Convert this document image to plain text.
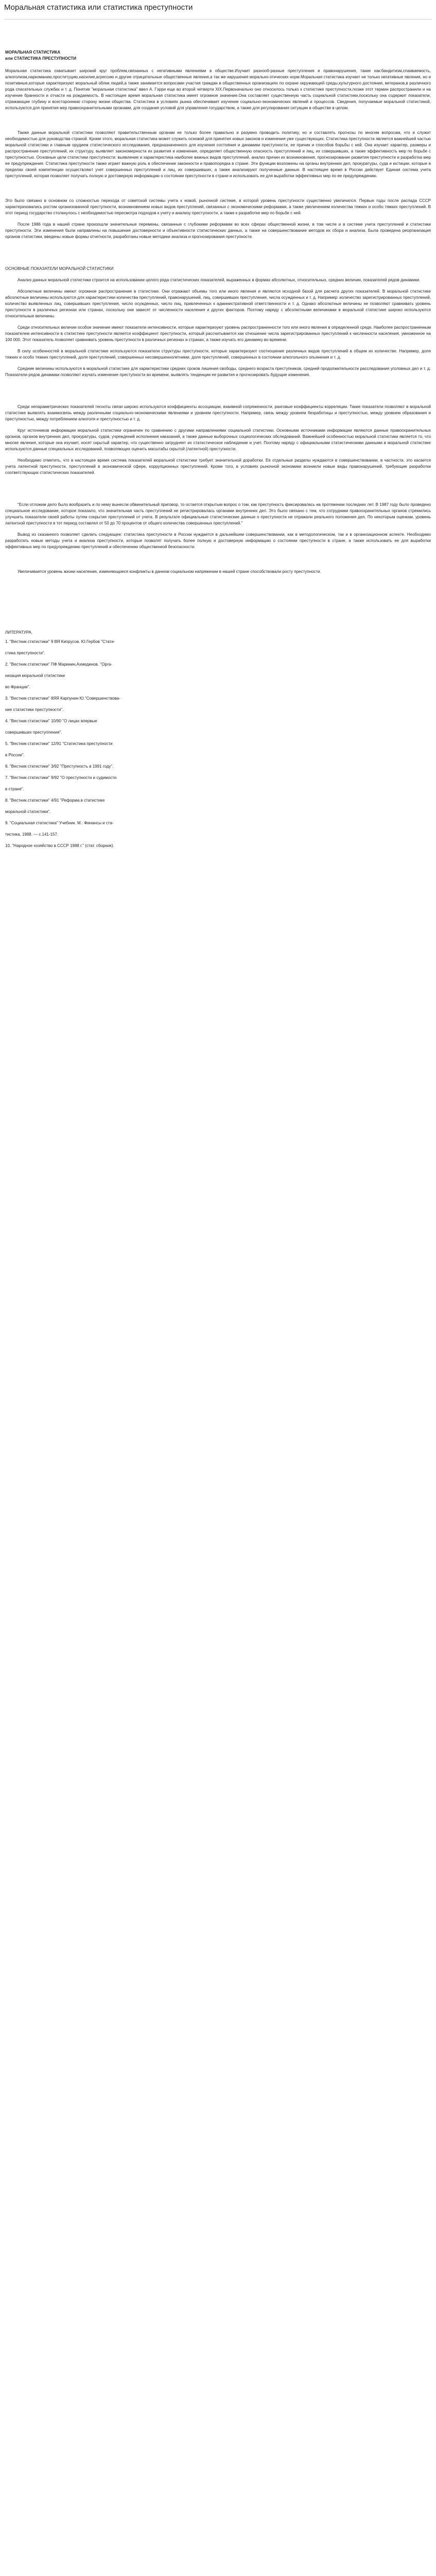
Моральная статистика или статистика преступности
МОРАЛЬНАЯ СТАТИСТИКА
или СТАТИСТИКА ПРЕСТУПНОСТИ

Моральная статистика охватывает широкий круг проблем,связанных с негативными явлениями в обществе.Изучает разнооб-разные преступления и правонарушения, такие как:бандитизм,спаиваемость, алкоголизм,наркоманию,проституцию,насилие,агрессию и другие отрицательные общественные явления,а так же нарушения морально-этических норм.Моральная статистика изучает не только негативные явления, но и позитивные,которые характеризуют моральный облик людей,а также занимается вопросами участия граждан в общественных организациях по охране окружающей среды,культурного достояния, ветеранов,в различного рода спасательных службах и т. д. Понятие "моральная статистика" ввел А. Гэрри еще во второй четверти XIX.Первоначально оно относилось только к статистике преступности,позже этот термин распространили и на изучение бранности и отчасти на рождаемость. В настоящее время моральная статистика имеет огромное значение.Она составляет существенную часть социальной статистики,поскольку она содержит показатели, отражающие глубину и всестороннюю сторону жизни общества. Статистика в условиях рынка обеспечивает изучение социально-экономических явлений и процессов. Сведения, получаемые моральной статистикой, используются для принятия мер правоохранительными органами, для создания условий для управления государством, а также для регулирования ситуации в обществе в целом.

Также данные моральной статистики позволяют правительственным органам не только более правильно и разумно проводить политику, но и составлять прогнозы по многим вопросам, что и служит необходимостью для руководства страной. Кроме этого, моральная статистика может служить основой для принятия новых законов и изменения уже существующих. Статистика преступности является важнейшей частью моральной статистики и главным орудием статистического исследования, предназначенного для изучения состояния и динамики преступности, ее причин и способов борьбы с ней. Она изучает характер, размеры и распространение преступлений, их структуру, выявляет закономерности их развития и изменения, определяет общественную опасность преступлений и лиц, их совершивших, а также эффективность мер по борьбе с преступностью. Основные цели статистики преступности: выявление и характеристика наиболее важных видов преступлений, анализ причин их возникновения, прогнозирование развития преступности и разработка мер ее предупреждения. Статистика преступности также играет важную роль в обеспечении законности и правопорядка в стране. Эти функции возложены на органы внутренних дел, прокуратуры, суда и юстиции, которые в пределах своей компетенции осуществляют учет совершенных преступлений и лиц, их совершивших, а также анализируют полученные данные. В настоящее время в России действует Единая система учета преступлений, которая позволяет получать полную и достоверную информацию о состоянии преступности в стране и использовать ее для выработки эффективных мер по ее предупреждению.

Это было связано в основном со сложностью перехода от советской системы учета к новой, рыночной системе, в которой уровень преступности существенно увеличился. Первые годы после распада СССР характеризовались ростом организованной преступности, возникновением новых видов преступлений, связанных с экономическими реформами, а также увеличением количества тяжких и особо тяжких преступлений. В этот период государство столкнулось с необходимостью пересмотра подходов к учету и анализу преступности, а также к разработке мер по борьбе с ней.

После 1986 года в нашей стране произошли значительные перемены, связанные с глубокими реформами во всех сферах общественной жизни, в том числе и в системе учета преступлений и статистики преступности. Эти изменения были направлены на повышение достоверности и объективности статистических данных, а также на совершенствование методов их сбора и анализа. Была проведена реорганизация органов статистики, введены новые формы отчетности, разработаны новые методики анализа и прогнозирования преступности.

ОСНОВНЫЕ ПОКАЗАТЕЛИ МОРАЛЬНОЙ СТАТИСТИКИ

Анализ данных моральной статистики строится на использовании целого ряда статистических показателей, выраженных в формах абсолютных, относительных, средних величин, показателей рядов динамики.

Абсолютные величины имеют огромное распространение в статистике. Они отражают объемы того или иного явления и являются исходной базой для расчета других показателей. В моральной статистике абсолютные величины используются для характеристики количества преступлений, правонарушений, лиц, совершивших преступления, числа осужденных и т. д. Например: количество зарегистрированных преступлений, количество выявленных лиц, совершивших преступления, число осужденных, число лиц, привлеченных к административной ответственности и т. д. Однако абсолютные величины не позволяют сравнивать уровень преступности в различных регионах или странах, поскольку они зависят от численности населения и других факторов. Поэтому наряду с абсолютными величинами в моральной статистике широко используются относительные величины.

Среди относительных величин особое значение имеют показатели интенсивности, которые характеризуют уровень распространенности того или иного явления в определенной среде. Наиболее распространенным показателем интенсивности в статистике преступности является коэффициент преступности, который рассчитывается как отношение числа зарегистрированных преступлений к численности населения, умноженное на 100 000. Этот показатель позволяет сравнивать уровень преступности в различных регионах и странах, а также изучать его динамику во времени.

В силу особенностей в моральной статистике используются показатели структуры преступности, которые характеризуют соотношение различных видов преступлений в общем их количестве. Например, доля тяжких и особо тяжких преступлений, доля преступлений, совершенных несовершеннолетними, доля преступлений, совершенных в состоянии алкогольного опьянения и т. д.

Средние величины используются в моральной статистике для характеристики средних сроков лишения свободы, среднего возраста преступников, средней продолжительности расследования уголовных дел и т. д. Показатели рядов динамики позволяют изучать изменение преступности во времени, выявлять тенденции ее развития и прогнозировать будущие изменения.

Среди непараметрических показателей тесноты связи широко используются коэффициенты ассоциации, взаимной сопряженности, ранговые коэффициенты корреляции. Такие показатели позволяют в моральной статистике выявлять взаимосвязь между различными социально-экономическими явлениями и уровнем преступности. Например, связь между уровнем безработицы и преступностью, между уровнем образования и преступностью, между потреблением алкоголя и преступностью и т. д.

Круг источников информации моральной статистики ограничен по сравнению с другими направлениями социальной статистики. Основными источниками информации являются данные правоохранительных органов, органов внутренних дел, прокуратуры, судов, учреждений исполнения наказаний, а также данные выборочных социологических обследований. Важнейшей особенностью моральной статистики является то, что многие явления, которые она изучает, носят скрытый характер, что существенно затрудняет их статистическое наблюдение и учет. Поэтому наряду с официальными статистическими данными в моральной статистике используются данные специальных исследований, позволяющих оценить масштабы скрытой (латентной) преступности.

Необходимо отметить, что в настоящее время система показателей моральной статистики требует значительной доработки. Ее отдельные разделы нуждаются в совершенствовании, в частности, это касается учета латентной преступности, преступлений в экономической сфере, коррупционных преступлений. Кроме того, в условиях рыночной экономики возникли новые виды правонарушений, требующие разработки соответствующих статистических показателей.

"Если отложим дело было вообразить и по нему вынесли обвинительный приговор, то остается открытым вопрос о том, как преступность фиксировалась на протяжении последних лет. В 1987 году было проведено специальное исследование, которое показало, что значительная часть преступлений не регистрировалась органами внутренних дел. Это было связано с тем, что сотрудники правоохранительных органов стремились улучшить показатели своей работы путем сокрытия преступлений от учета. В результате официальные статистические данные о преступности не отражали реального положения дел. По некоторым оценкам, уровень латентной преступности в тот период составлял от 50 до 70 процентов от общего количества совершенных преступлений."

Вывод из сказанного позволяет сделать следующее: статистика преступности в России нуждается в дальнейшем совершенствовании, как в методологическом, так и в организационном аспекте. Необходимо разработать новые методы учета и анализа преступности, которые позволят получать более полную и достоверную информацию о состоянии преступности в стране, а также использовать ее для выработки эффективных мер по предупреждению преступлений и обеспечению общественной безопасности.

Увеличивается уровень жизни населения, изменяющиеся конфликты в данном социальном напряжении в нашей стране способствовали росту преступности.

ЛИТЕРАТУРА.

1. "Вестник статистики" 9 ВЯ Кипрусов. Ю.Гербов "Стати-

стика преступности".

2. "Вестник статистики" ПФ Маринин,Ахмединов. "Орга-

низация моральной статистики

во Франции".

3. "Вестник статистики" 8ЯЯ Карпунин Ю."Совершенствова-

ние статистики преступности".

4. "Вестник статистики" 10/90 "О лицах впервые

совершивших преступления".

5. "Вестник статистики" 12/91 "Статистика преступности

в России".

6. "Вестник статистики" 3/92 "Преступность в 1991 году".

7. "Вестник статистики" 9/92 "О преступности и судимости

в стране".

8. "Вестник статистики" 4/91 "Реформа в статистике

моральной статистики".

9. "Социальная статистика" Учебник. М.: Финансы и ста-

тистика, 1988. — с.141-157.

10. "Народное хозяйство в СССР 1988 г." (стат. сборник).
